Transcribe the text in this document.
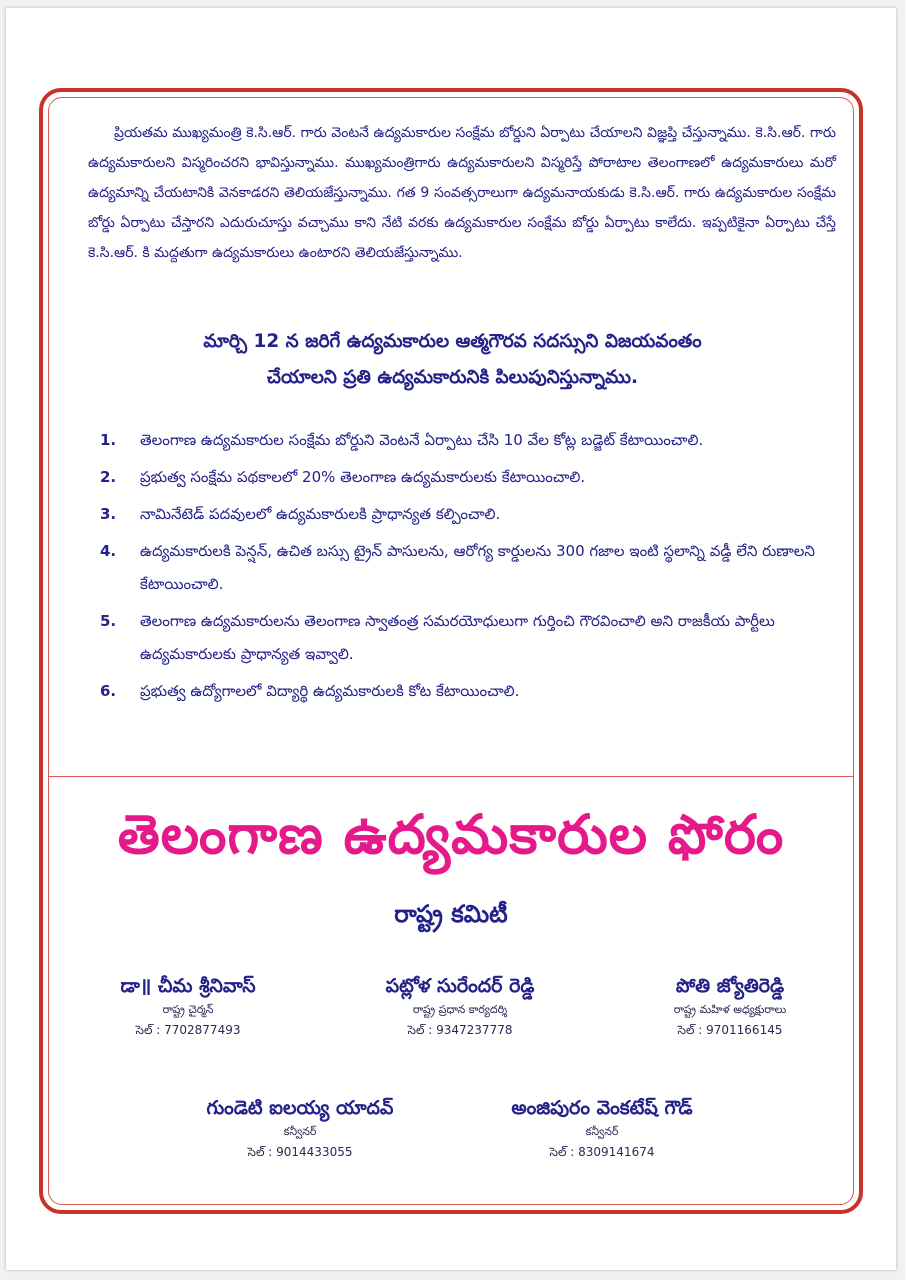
ప్రియతమ ముఖ్యమంత్రి కె.సి.ఆర్. గారు వెంటనే ఉద్యమకారుల సంక్షేమ బోర్డుని ఏర్పాటు చేయాలని విజ్ఞప్తి చేస్తున్నాము. కె.సి.ఆర్. గారు ఉద్యమకారులని విస్మరించరని భావిస్తున్నాము. ముఖ్యమంత్రిగారు ఉద్యమకారులని విస్మరిస్తే పోరాటాల తెలంగాణలో ఉద్యమకారులు మరో ఉద్యమాన్ని చేయటానికి వెనకాడరని తెలియజేస్తున్నాము. గత 9 సంవత్సరాలుగా ఉద్యమనాయకుడు కె.సి.ఆర్. గారు ఉద్యమకారుల సంక్షేమ బోర్డు ఏర్పాటు చేస్తారని ఎదురుచూస్తు వచ్చాము కాని నేటి వరకు ఉద్యమకారుల సంక్షేమ బోర్డు ఏర్పాటు కాలేదు. ఇప్పటికైనా ఏర్పాటు చేస్తే కె.సి.ఆర్. కి మద్దతుగా ఉద్యమకారులు ఉంటారని తెలియజేస్తున్నాము.

మార్చి 12 న జరిగే ఉద్యమకారుల ఆత్మగౌరవ సదస్సుని విజయవంతం
చేయాలని ప్రతి ఉద్యమకారునికి పిలుపునిస్తున్నాము.
1.	తెలంగాణ ఉద్యమకారుల సంక్షేమ బోర్డుని వెంటనే ఏర్పాటు చేసి 10 వేల కోట్ల బడ్జెట్ కేటాయించాలి.
2.	ప్రభుత్వ సంక్షేమ పథకాలలో 20% తెలంగాణ ఉద్యమకారులకు కేటాయించాలి.
3.	నామినేటెడ్ పదవులలో ఉద్యమకారులకి ప్రాధాన్యత కల్పించాలి.
4.	ఉద్యమకారులకి పెన్షన్, ఉచిత బస్సు ట్రైన్ పాసులను, ఆరోగ్య కార్డులను 300 గజాల ఇంటి స్థలాన్ని వడ్డీ లేని రుణాలని కేటాయించాలి.
5.	తెలంగాణ ఉద్యమకారులను తెలంగాణ స్వాతంత్ర సమరయోధులుగా గుర్తించి గౌరవించాలి అని రాజకీయ పార్టీలు ఉద్యమకారులకు ప్రాధాన్యత ఇవ్వాలి.
6.	ప్రభుత్వ ఉద్యోగాలలో విద్యార్థి ఉద్యమకారులకి కోట కేటాయించాలి.
తెలంగాణ ఉద్యమకారుల ఫోరం
రాష్ట్ర కమిటీ
డా॥ చీమ శ్రీనివాస్
రాష్ట్ర చైర్మన్
సెల్ : 7702877493
పట్లోళ సురేందర్ రెడ్డి
రాష్ట్ర ప్రధాన కార్యదర్శి
సెల్ : 9347237778
పోతి జ్యోతిరెడ్డి
రాష్ట్ర మహిళ అధ్యక్షురాలు
సెల్ : 9701166145
గుండెటి ఐలయ్య యాదవ్
కన్వీనర్
సెల్ : 9014433055
అంజిపురం వెంకటేష్ గౌడ్
కన్వీనర్
సెల్ : 8309141674
